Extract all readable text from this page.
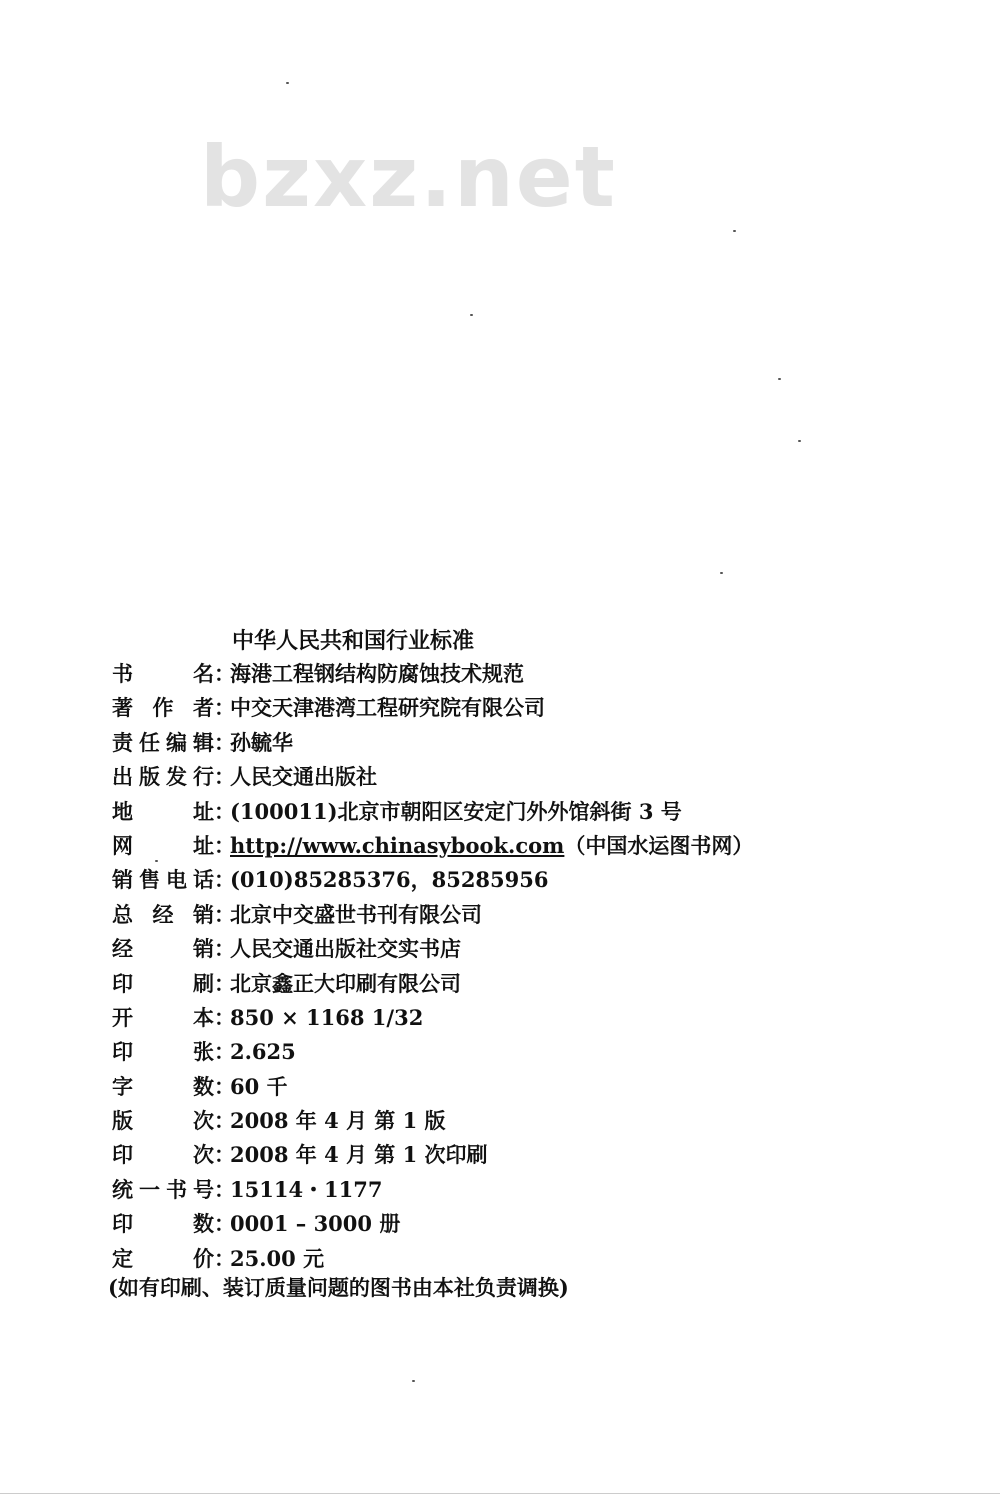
bzxz.net
中华人民共和国行业标准
书	名 ：
海港工程钢结构防腐蚀技术规范
著 作 者 ：
中交天津港湾工程研究院有限公司
责 任 编 辑 ：
孙毓华
出 版 发 行 ：
人民交通出版社
地	址 ：
(100011)北京市朝阳区安定门外外馆斜街 3 号
网	址 ：
http://www.chinasybook.com（中国水运图书网）
销 售 电 话 ：
(010)85285376，85285956
总 经 销 ：
北京中交盛世书刊有限公司
经	销 ：
人民交通出版社交实书店
印	刷 ：
北京鑫正大印刷有限公司
开	本 ：
850 × 1168 1/32
印	张 ：
2.625
字	数 ：
60 千
版	次 ：
2008 年 4 月 第 1 版
印	次 ：
2008 年 4 月 第 1 次印刷
统 一 书 号 ：
15114・1177
印	数 ：
0001 – 3000 册
定	价 ：
25.00 元
(如有印刷、装订质量问题的图书由本社负责调换)
